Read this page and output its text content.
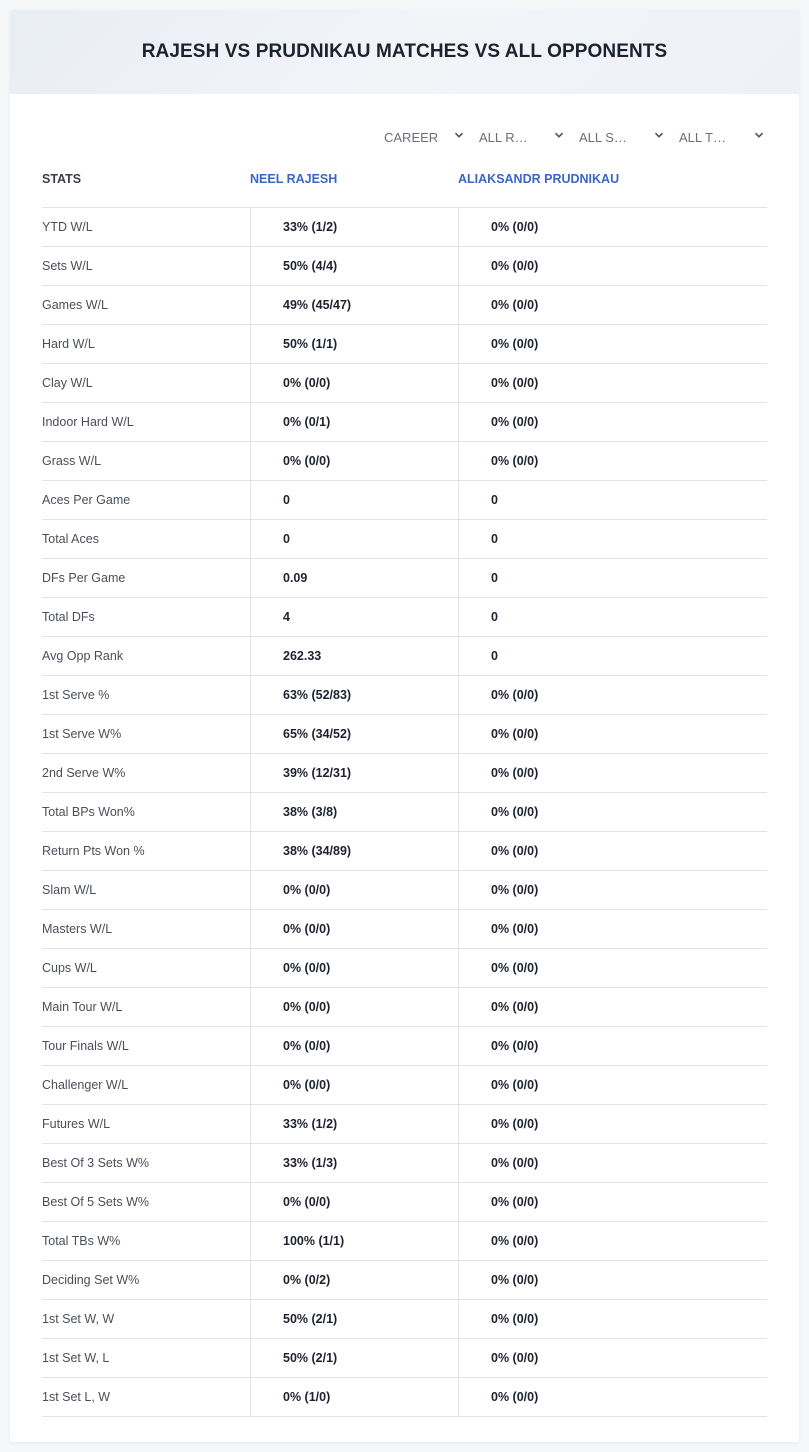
RAJESH VS PRUDNIKAU MATCHES VS ALL OPPONENTS
CAREER	ALL R…	ALL S…	ALL T…
STATS	NEEL RAJESH	ALIAKSANDR PRUDNIKAU
YTD W/L	33% (1/2)	0% (0/0)
Sets W/L	50% (4/4)	0% (0/0)
Games W/L	49% (45/47)	0% (0/0)
Hard W/L	50% (1/1)	0% (0/0)
Clay W/L	0% (0/0)	0% (0/0)
Indoor Hard W/L	0% (0/1)	0% (0/0)
Grass W/L	0% (0/0)	0% (0/0)
Aces Per Game	0	0
Total Aces	0	0
DFs Per Game	0.09	0
Total DFs	4	0
Avg Opp Rank	262.33	0
1st Serve %	63% (52/83)	0% (0/0)
1st Serve W%	65% (34/52)	0% (0/0)
2nd Serve W%	39% (12/31)	0% (0/0)
Total BPs Won%	38% (3/8)	0% (0/0)
Return Pts Won %	38% (34/89)	0% (0/0)
Slam W/L	0% (0/0)	0% (0/0)
Masters W/L	0% (0/0)	0% (0/0)
Cups W/L	0% (0/0)	0% (0/0)
Main Tour W/L	0% (0/0)	0% (0/0)
Tour Finals W/L	0% (0/0)	0% (0/0)
Challenger W/L	0% (0/0)	0% (0/0)
Futures W/L	33% (1/2)	0% (0/0)
Best Of 3 Sets W%	33% (1/3)	0% (0/0)
Best Of 5 Sets W%	0% (0/0)	0% (0/0)
Total TBs W%	100% (1/1)	0% (0/0)
Deciding Set W%	0% (0/2)	0% (0/0)
1st Set W, W	50% (2/1)	0% (0/0)
1st Set W, L	50% (2/1)	0% (0/0)
1st Set L, W	0% (1/0)	0% (0/0)
